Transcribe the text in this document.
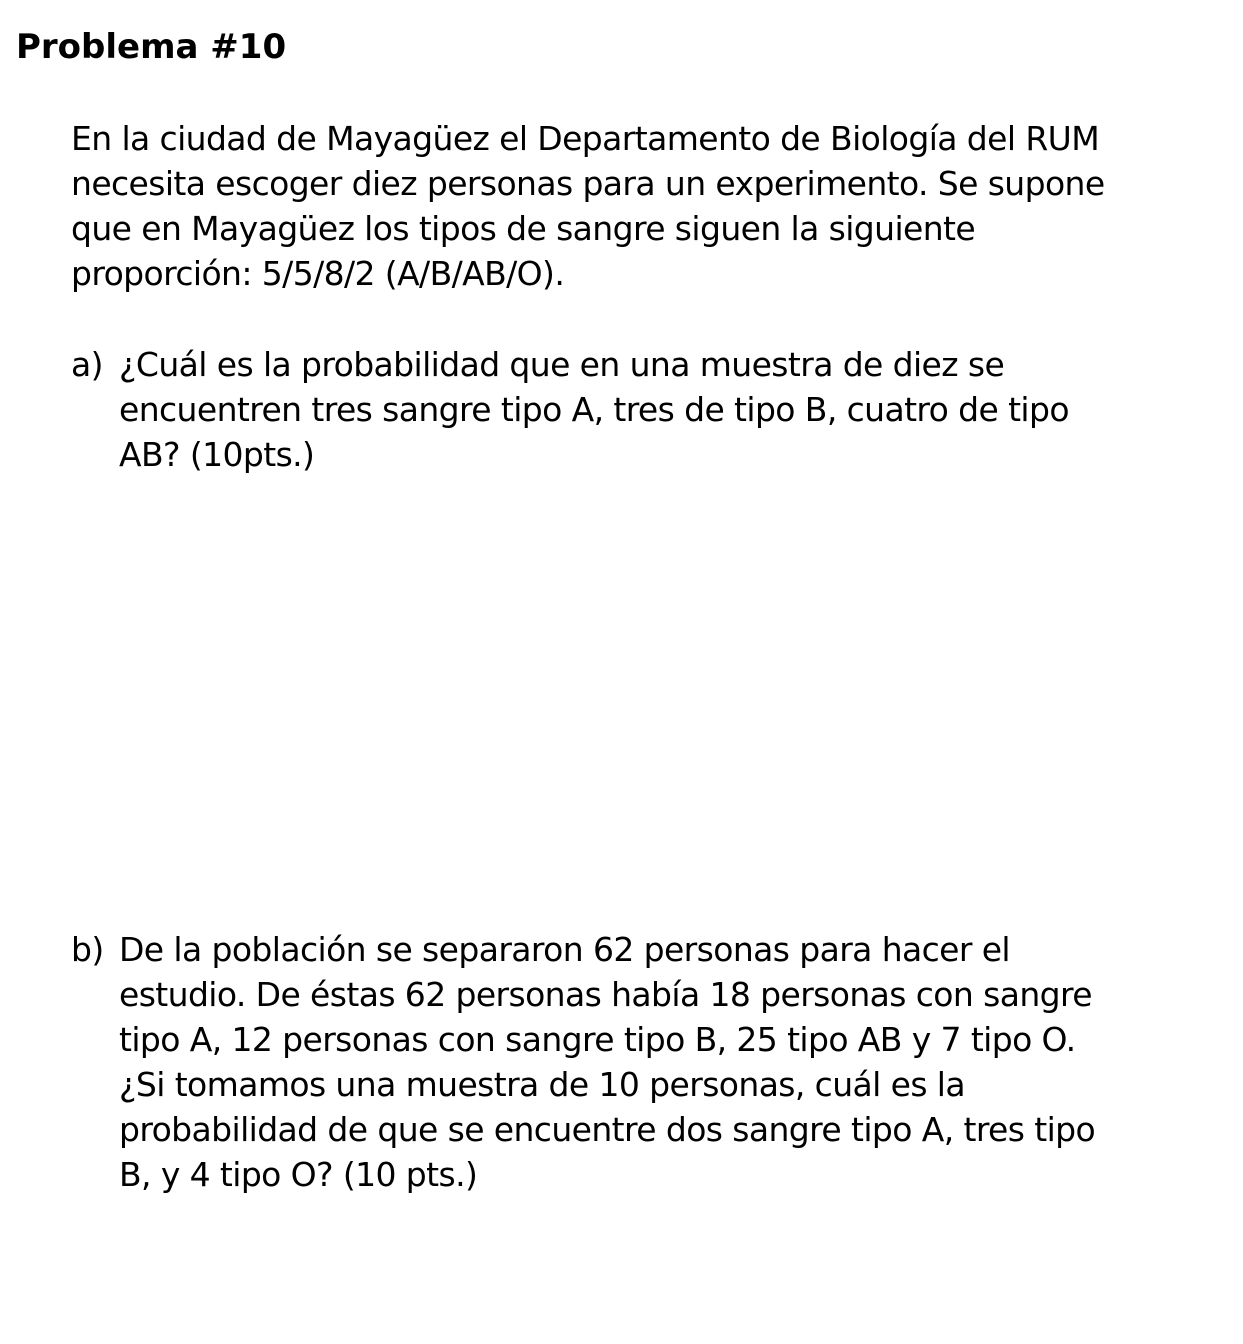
Problema #10

En la ciudad de Mayagüez el Departamento de Biología del RUM
necesita escoger diez personas para un experimento. Se supone
que en Mayagüez los tipos de sangre siguen la siguiente
proporción: 5/5/8/2 (A/B/AB/O).

a) ¿Cuál es la probabilidad que en una muestra de diez se
encuentren tres sangre tipo A, tres de tipo B, cuatro de tipo
AB? (10pts.)
b) De la población se separaron 62 personas para hacer el
estudio. De éstas 62 personas había 18 personas con sangre
tipo A, 12 personas con sangre tipo B, 25 tipo AB y 7 tipo O.
¿Si tomamos una muestra de 10 personas, cuál es la
probabilidad de que se encuentre dos sangre tipo A, tres tipo
B, y 4 tipo O? (10 pts.)
